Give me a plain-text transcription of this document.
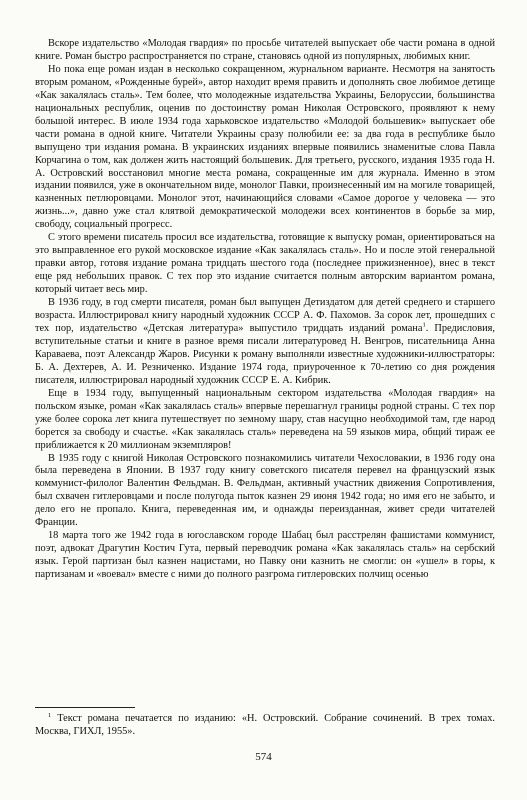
Вскоре издательство «Молодая гвардия» по просьбе читателей выпускает обе части романа в одной книге. Роман быстро распространяется по стране, становясь одной из популярных, любимых книг.

Но пока еще роман издан в несколько сокращенном, журнальном варианте. Несмотря на занятость вторым романом, «Рожденные бурей», автор находит время править и дополнять свое любимое детище «Как закалялась сталь». Тем более, что молодежные издательства Украины, Белоруссии, большинства национальных республик, оценив по достоинству роман Николая Островского, проявляют к нему большой интерес. В июле 1934 года харьковское издательство «Молодой большевик» выпускает обе части романа в одной книге. Читатели Украины сразу полюбили ее: за два года в республике было выпущено три издания романа. В украинских изданиях впервые появились знаменитые слова Павла Корчагина о том, как должен жить настоящий большевик. Для третьего, русского, издания 1935 года Н. А. Островский восстановил многие места романа, сокращенные им для журнала. Именно в этом издании появился, уже в окончательном виде, монолог Павки, произнесенный им на могиле товарищей, казненных петлюровцами. Монолог этот, начинающийся словами «Самое дорогое у человека — это жизнь...», давно уже стал клятвой демократической молодежи всех континентов в борьбе за мир, свободу, социальный прогресс.

С этого времени писатель просил все издательства, готовящие к выпуску роман, ориентироваться на это выправленное его рукой московское издание «Как закалялась сталь». Но и после этой генеральной правки автор, готовя издание романа тридцать шестого года (последнее прижизненное), внес в текст еще ряд небольших правок. С тех пор это издание считается полным авторским вариантом романа, который читает весь мир.

В 1936 году, в год смерти писателя, роман был выпущен Детиздатом для детей среднего и старшего возраста. Иллюстрировал книгу народный художник СССР А. Ф. Пахомов. За сорок лет, прошедших с тех пор, издательство «Детская литература» выпустило тридцать изданий романа$^1$. Предисловия, вступительные статьи и книге в разное время писали литературовед Н. Венгров, писательница Анна Караваева, поэт Александр Жаров. Рисунки к роману выполняли известные художники-иллюстраторы: Б. А. Дехтерев, А. И. Резниченко. Издание 1974 года, приуроченное к 70-летию со дня рождения писателя, иллюстрировал народный художник СССР Е. А. Кибрик.

Еще в 1934 году, выпущенный национальным сектором издательства «Молодая гвардия» на польском языке, роман «Как закалялась сталь» впервые перешагнул границы родной страны. С тех пор уже более сорока лет книга путешествует по земному шару, став насущно необходимой там, где народ борется за свободу и счастье. «Как закалялась сталь» переведена на 59 языков мира, общий тираж ее приближается к 20 миллионам экземпляров!

В 1935 году с книгой Николая Островского познакомились читатели Чехословакии, в 1936 году она была переведена в Японии. В 1937 году книгу советского писателя перевел на французский язык коммунист-филолог Валентин Фельдман. В. Фельдман, активный участник движения Сопротивления, был схвачен гитлеровцами и после полугода пыток казнен 29 июня 1942 года; но имя его не забыто, и дело его не пропало. Книга, переведенная им, и однажды переизданная, живет среди читателей Франции.

18 марта того же 1942 года в югославском городе Шабац был расстрелян фашистами коммунист, поэт, адвокат Драгутин Костич Гута, первый переводчик романа «Как закалялась сталь» на сербский язык. Герой партизан был казнен нацистами, но Павку они казнить не смогли: он «ушел» в горы, к партизанам и «воевал» вместе с ними до полного разгрома гитлеровских полчищ осенью

$^1$ Текст романа печатается по изданию: «Н. Островский. Собрание сочинений. В трех томах. Москва, ГИХЛ, 1955».

574
